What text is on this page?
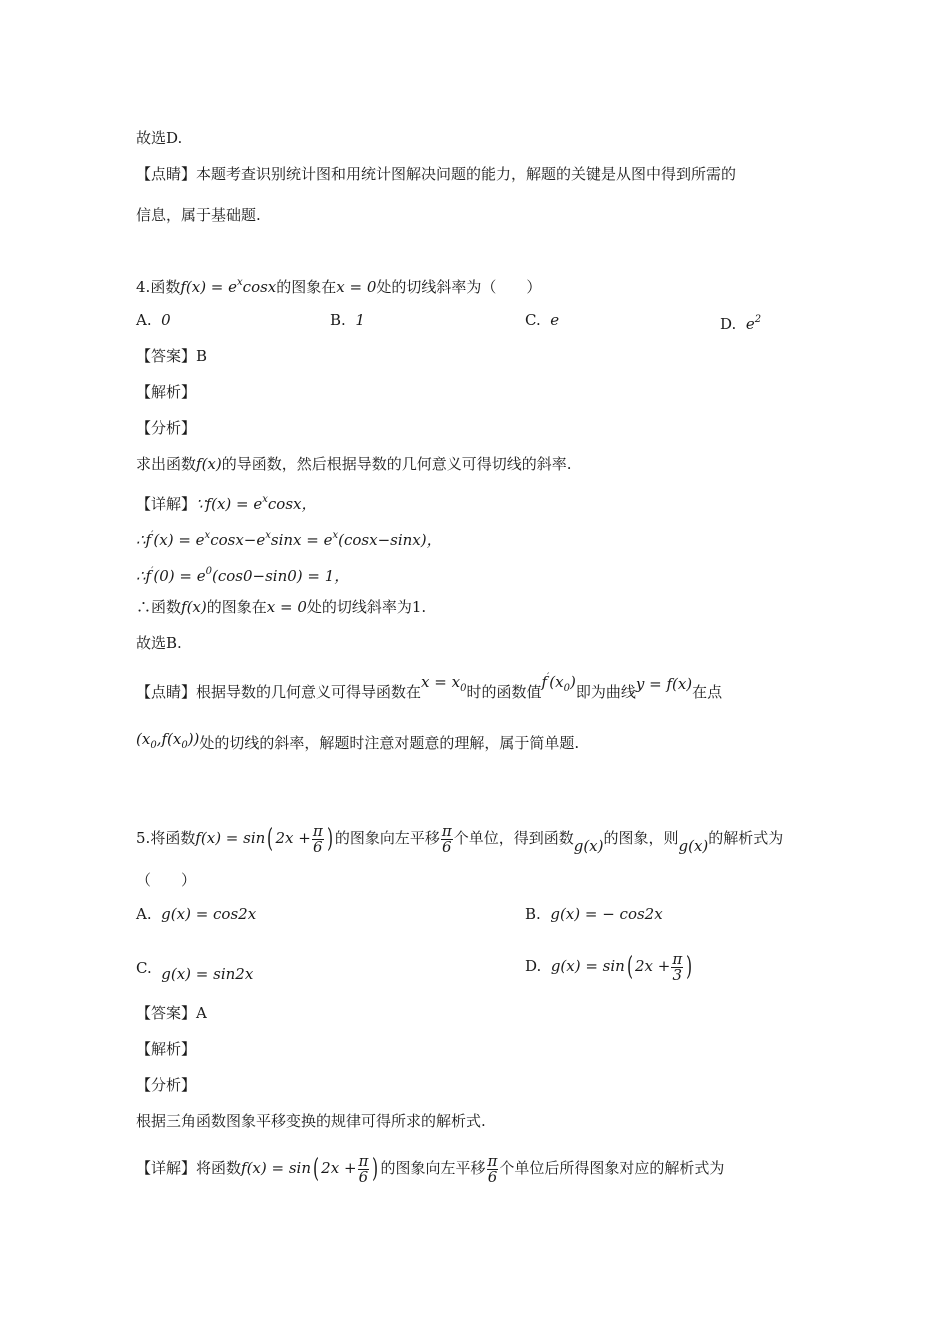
故选D.
【点睛】本题考查识别统计图和用统计图解决问题的能力，解题的关键是从图中得到所需的
信息，属于基础题.
4.函数$f(x) = e^x\cos x$的图象在x = 0处的切线斜率为（　　）
A. 0	B. 1	C. e	D. $e^2$
【答案】B
【解析】
【分析】
求出函数f(x)的导函数，然后根据导数的几何意义可得切线的斜率.
【详解】∵f(x) = $e^x\cos x$，
∴f′(x) = $e^x\cos x-e^x\sin x = e^x(\cos x-\sin x)$，
∴f′(0) = $e^0(\cos 0-\sin 0) = 1$，
∴函数f(x)的图象在x = 0处的切线斜率为1.
故选B.
【点睛】根据导数的几何意义可得导函数在$x = x_0$时的函数值$f'(x_0)$即为曲线y = f(x)在点
$(x_0,f(x_0))$处的切线的斜率，解题时注意对题意的理解，属于简单题.
5.将函数f(x) = sin( $2x + \frac{\pi}{6}$ ) 的图象向左平移 $\frac{\pi}{6}$ 个单位，得到函数g(x)的图象，则g(x)的解析式为
（　　）
A. g(x) = cos2x	B. g(x) = − cos2x
C. g(x) = sin2x	D. g(x) = sin( $2x + \frac{\pi}{3}$ )
【答案】A
【解析】
【分析】
根据三角函数图象平移变换的规律可得所求的解析式.
【详解】将函数f(x) = sin( $2x + \frac{\pi}{6}$ ) 的图象向左平移 $\frac{\pi}{6}$ 个单位后所得图象对应的解析式为
